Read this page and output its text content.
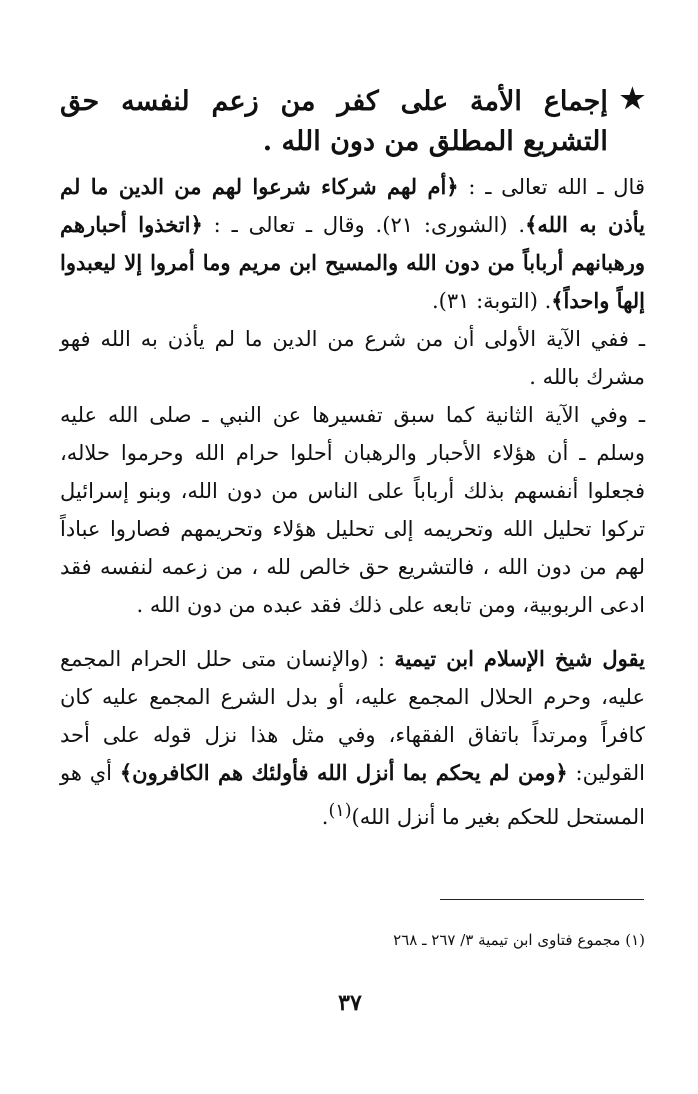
★
إجماع الأمة على كفر من زعم لنفسه حق التشريع المطلق من دون الله .
قال ـ الله تعالى ـ : ﴿أم لهم شركاء شرعوا لهم من الدين ما لم يأذن به الله﴾. (الشورى: ٢١). وقال ـ تعالى ـ : ﴿اتخذوا أحبارهم ورهبانهم أرباباً من دون الله والمسيح ابن مريم وما أمروا إلا ليعبدوا إلهاً واحداً﴾. (التوبة: ٣١).
ـ ففي الآية الأولى أن من شرع من الدين ما لم يأذن به الله فهو مشرك بالله .
ـ وفي الآية الثانية كما سبق تفسيرها عن النبي ـ صلى الله عليه وسلم ـ أن هؤلاء الأحبار والرهبان أحلوا حرام الله وحرموا حلاله، فجعلوا أنفسهم بذلك أرباباً على الناس من دون الله، وبنو إسرائيل تركوا تحليل الله وتحريمه إلى تحليل هؤلاء وتحريمهم فصاروا عباداً لهم من دون الله ، فالتشريع حق خالص لله ، من زعمه لنفسه فقد ادعى الربوبية، ومن تابعه على ذلك فقد عبده من دون الله .
يقول شيخ الإسلام ابن تيمية : (والإنسان متى حلل الحرام المجمع عليه، وحرم الحلال المجمع عليه، أو بدل الشرع المجمع عليه كان كافراً ومرتداً باتفاق الفقهاء، وفي مثل هذا نزل قوله على أحد القولين: ﴿ومن لم يحكم بما أنزل الله فأولئك هم الكافرون﴾ أي هو المستحل للحكم بغير ما أنزل الله)$^{(١)}$.
(١) مجموع فتاوى ابن تيمية ٣/ ٢٦٧ ـ ٢٦٨
٣٧
